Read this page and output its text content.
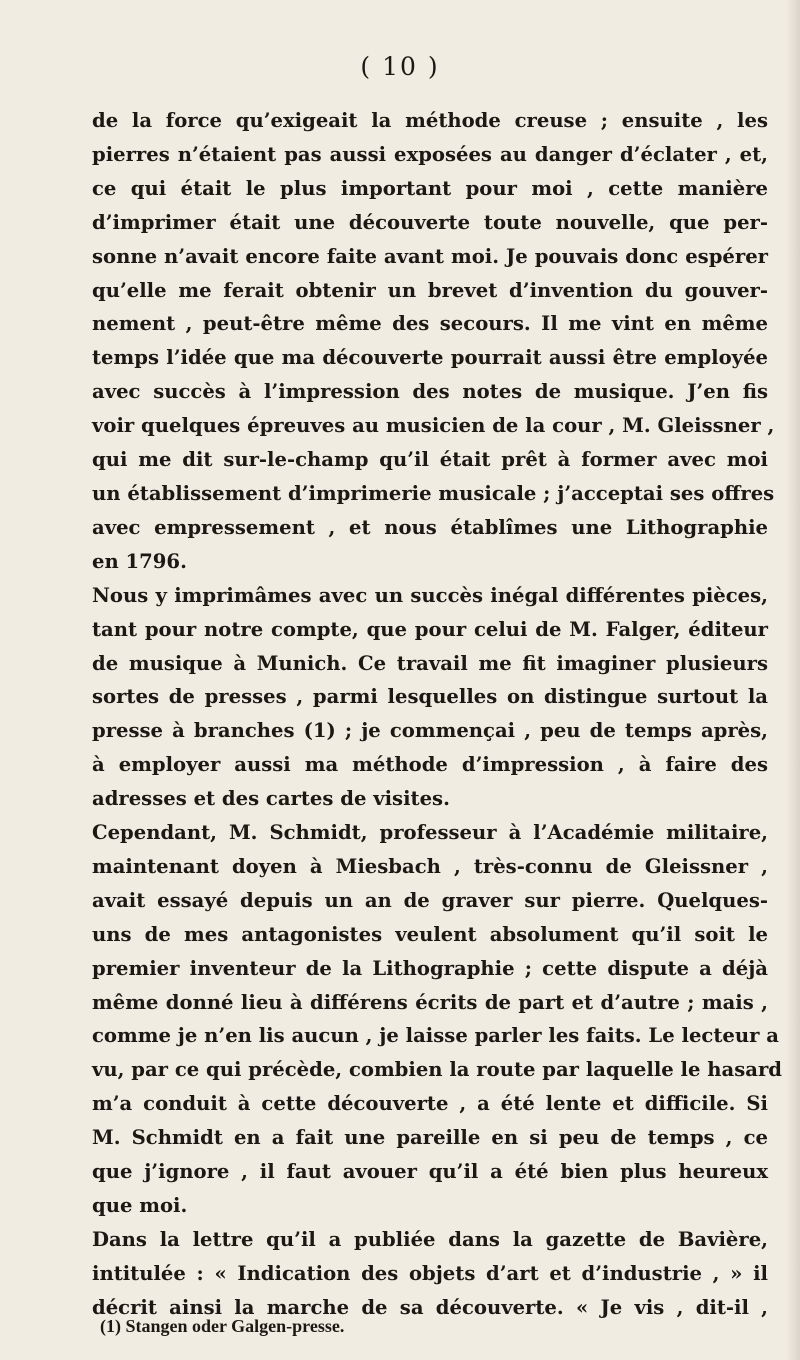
( 10 )
de la force qu’exigeait la méthode creuse ; ensuite , les
pierres n’étaient pas aussi exposées au danger d’éclater , et,
ce qui était le plus important pour moi , cette manière
d’imprimer était une découverte toute nouvelle, que per-
sonne n’avait encore faite avant moi. Je pouvais donc espérer
qu’elle me ferait obtenir un brevet d’invention du gouver-
nement , peut-être même des secours. Il me vint en même
temps l’idée que ma découverte pourrait aussi être employée
avec succès à l’impression des notes de musique. J’en fis
voir quelques épreuves au musicien de la cour , M. Gleissner ,
qui me dit sur-le-champ qu’il était prêt à former avec moi
un établissement d’imprimerie musicale ; j’acceptai ses offres
avec empressement , et nous établîmes une Lithographie
en 1796.
Nous y imprimâmes avec un succès inégal différentes pièces,
tant pour notre compte, que pour celui de M. Falger, éditeur
de musique à Munich. Ce travail me fit imaginer plusieurs
sortes de presses , parmi lesquelles on distingue surtout la
presse à branches (1) ; je commençai , peu de temps après,
à employer aussi ma méthode d’impression , à faire des
adresses et des cartes de visites.
Cependant, M. Schmidt, professeur à l’Académie militaire,
maintenant doyen à Miesbach , très-connu de Gleissner ,
avait essayé depuis un an de graver sur pierre. Quelques-
uns de mes antagonistes veulent absolument qu’il soit le
premier inventeur de la Lithographie ; cette dispute a déjà
même donné lieu à différens écrits de part et d’autre ; mais ,
comme je n’en lis aucun , je laisse parler les faits. Le lecteur a
vu, par ce qui précède, combien la route par laquelle le hasard
m’a conduit à cette découverte , a été lente et difficile. Si
M. Schmidt en a fait une pareille en si peu de temps , ce
que j’ignore , il faut avouer qu’il a été bien plus heureux
que moi.
Dans la lettre qu’il a publiée dans la gazette de Bavière,
intitulée : « Indication des objets d’art et d’industrie , » il
décrit ainsi la marche de sa découverte. « Je vis , dit-il ,
(1) Stangen oder Galgen-presse.
